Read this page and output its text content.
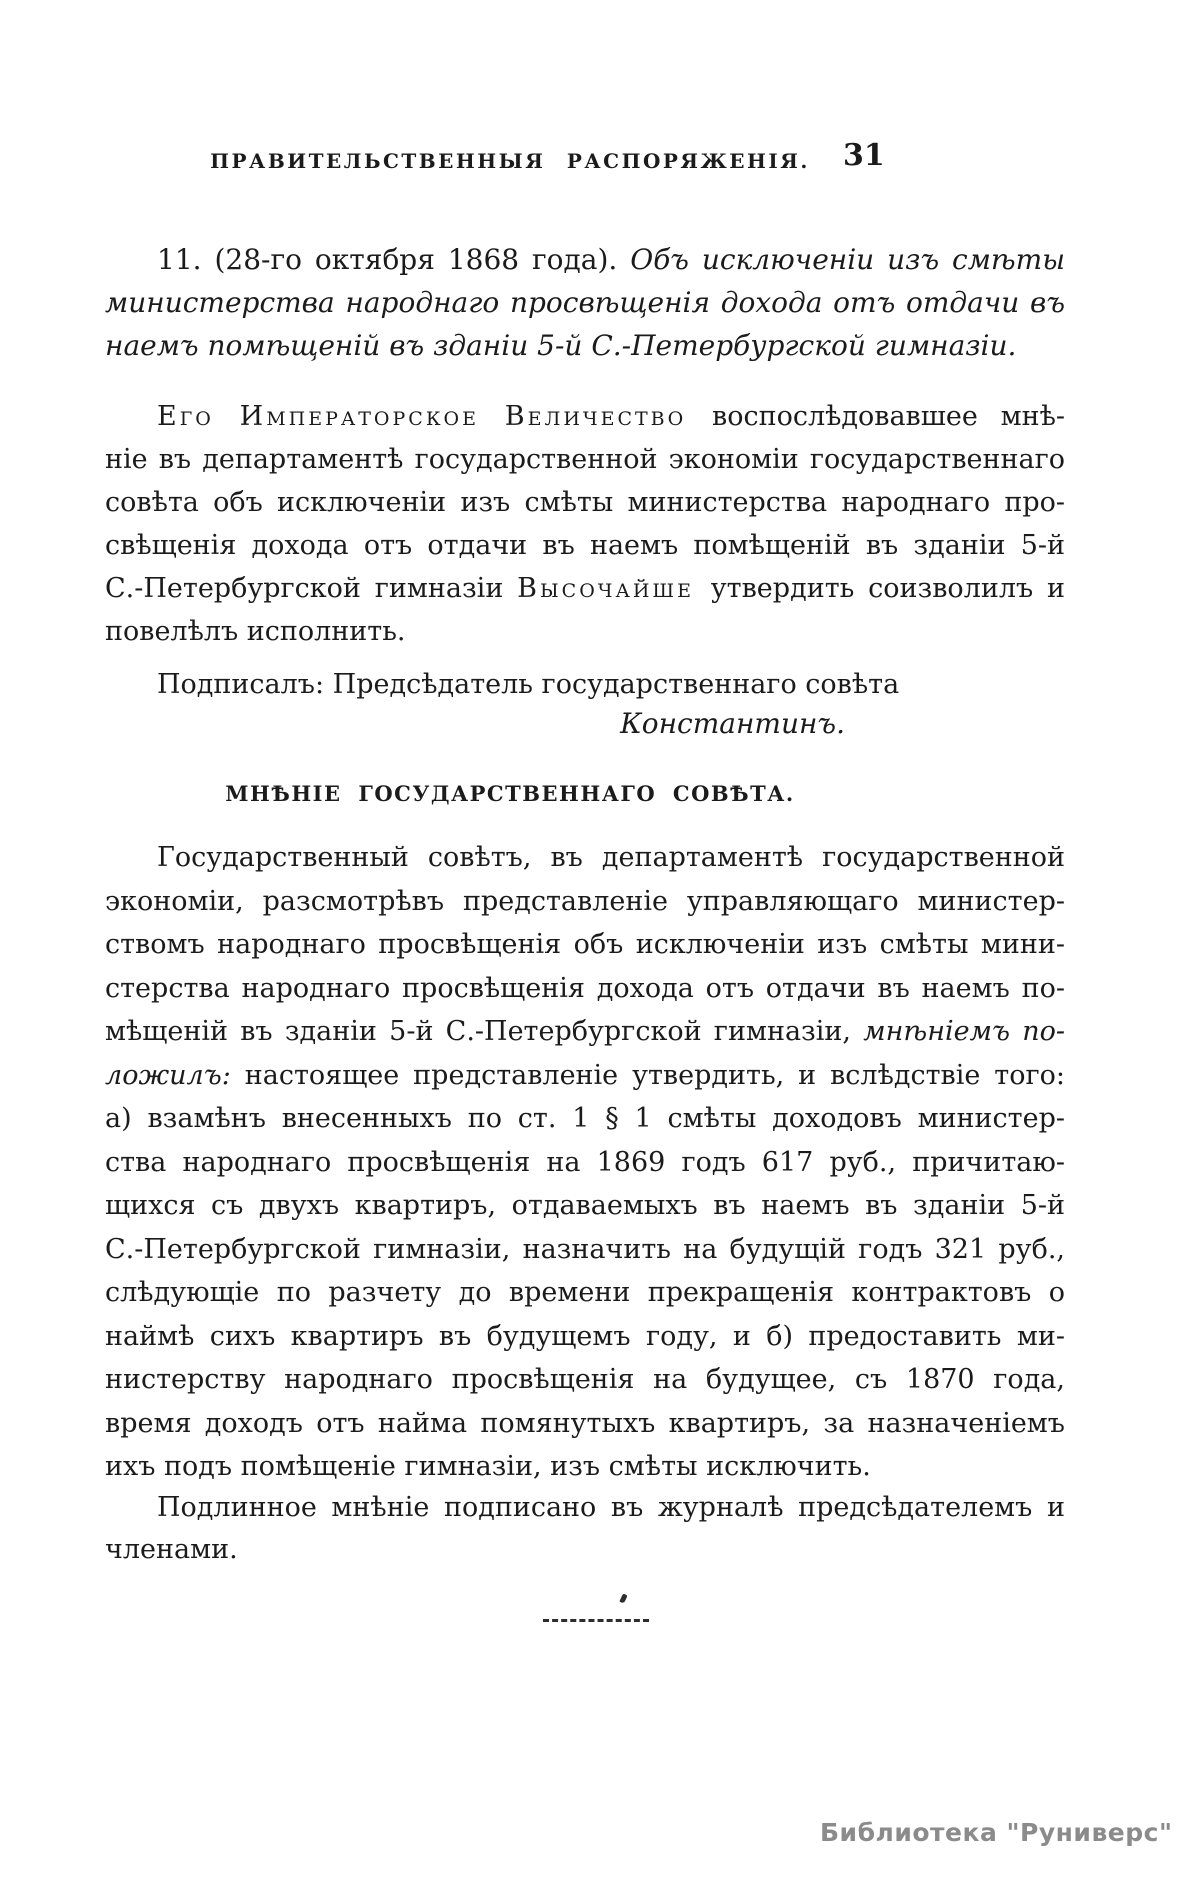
ПРАВИТЕЛЬСТВЕННЫЯ РАСПОРЯЖЕНІЯ.	31
11. (28-го октября 1868 года). Объ исключеніи изъ смѣты
министерства народнаго просвѣщенія дохода отъ отдачи въ
наемъ помѣщеній въ зданіи 5-й С.-Петербургской гимназіи.
Его Императорское Величество воспослѣдовавшее мнѣ-
ніе въ департаментѣ государственной экономіи государственнаго
совѣта объ исключеніи изъ смѣты министерства народнаго про-
свѣщенія дохода отъ отдачи въ наемъ помѣщеній въ зданіи 5-й
С.-Петербургской гимназіи Высочайше утвердить соизволилъ и
повелѣлъ исполнить.
Подписалъ: Предсѣдатель государственнаго совѣта
Константинъ.
МНѢНІЕ ГОСУДАРСТВЕННАГО СОВѢТА.
Государственный совѣтъ, въ департаментѣ государственной
экономіи, разсмотрѣвъ представленіе управляющаго министер-
ствомъ народнаго просвѣщенія объ исключеніи изъ смѣты мини-
стерства народнаго просвѣщенія дохода отъ отдачи въ наемъ по-
мѣщеній въ зданіи 5-й С.-Петербургской гимназіи, мнѣніемъ по-
ложилъ: настоящее представленіе утвердить, и вслѣдствіе того:
а) взамѣнъ внесенныхъ по ст. 1 § 1 смѣты доходовъ министер-
ства народнаго просвѣщенія на 1869 годъ 617 руб., причитаю-
щихся съ двухъ квартиръ, отдаваемыхъ въ наемъ въ зданіи 5-й
С.-Петербургской гимназіи, назначить на будущій годъ 321 руб.,
слѣдующіе по разчету до времени прекращенія контрактовъ о
наймѣ сихъ квартиръ въ будущемъ году, и б) предоставить ми-
нистерству народнаго просвѣщенія на будущее, съ 1870 года,
время доходъ отъ найма помянутыхъ квартиръ, за назначеніемъ
ихъ подъ помѣщеніе гимназіи, изъ смѣты исключить.
Подлинное мнѣніе подписано въ журналѣ предсѣдателемъ и
членами.
Библиотека "Руниверс"
